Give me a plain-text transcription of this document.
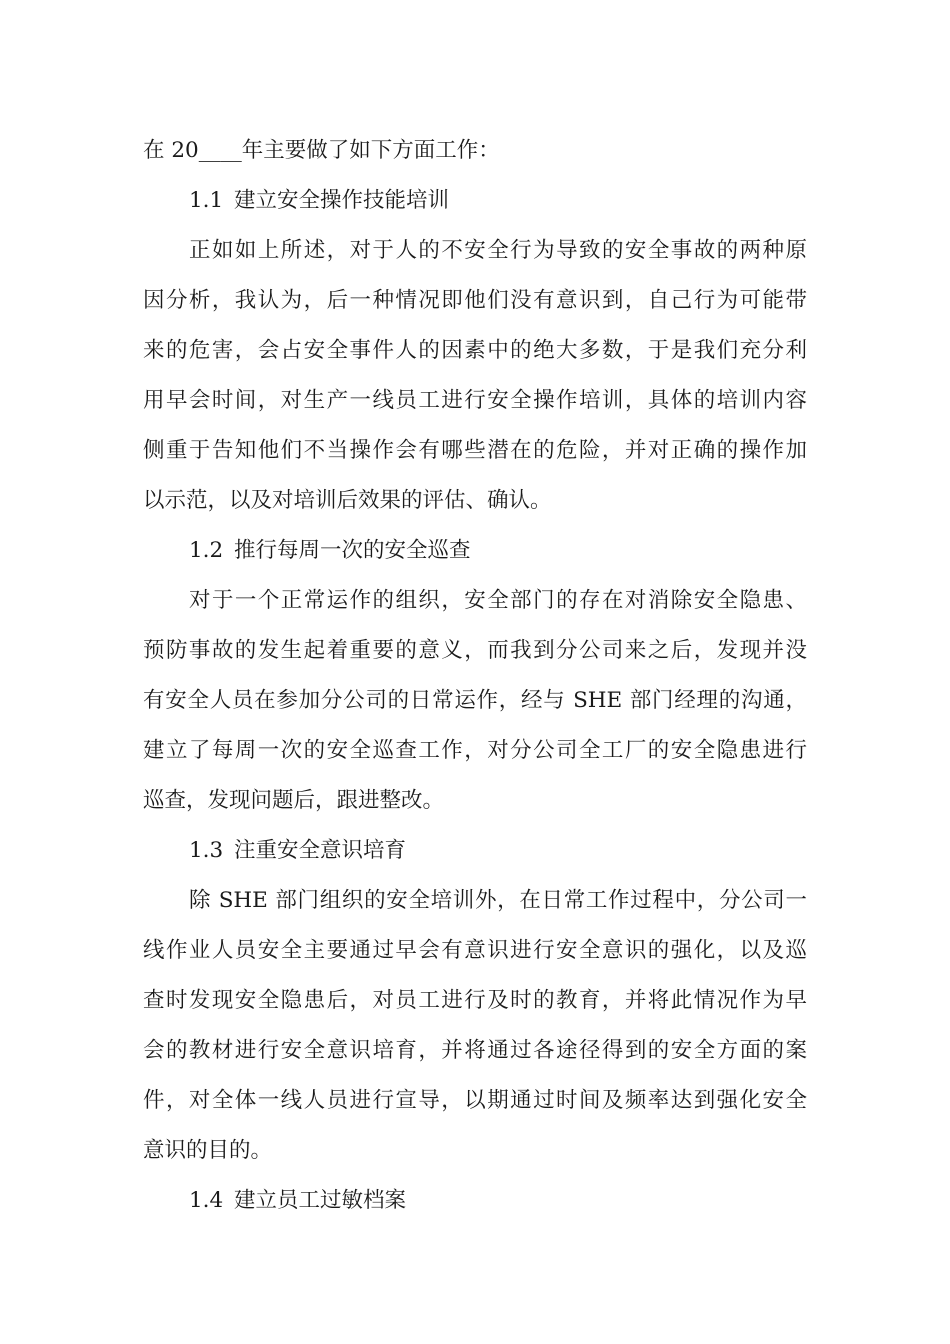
在 20____年主要做了如下方面工作：
1.1 建立安全操作技能培训
正如如上所述，对于人的不安全行为导致的安全事故的两种原
因分析，我认为，后一种情况即他们没有意识到，自己行为可能带
来的危害，会占安全事件人的因素中的绝大多数，于是我们充分利
用早会时间，对生产一线员工进行安全操作培训，具体的培训内容
侧重于告知他们不当操作会有哪些潜在的危险，并对正确的操作加
以示范，以及对培训后效果的评估、确认。
1.2 推行每周一次的安全巡查
对于一个正常运作的组织，安全部门的存在对消除安全隐患、
预防事故的发生起着重要的意义，而我到分公司来之后，发现并没
有安全人员在参加分公司的日常运作，经与 SHE 部门经理的沟通，
建立了每周一次的安全巡查工作，对分公司全工厂的安全隐患进行
巡查，发现问题后，跟进整改。
1.3 注重安全意识培育
除 SHE 部门组织的安全培训外，在日常工作过程中，分公司一
线作业人员安全主要通过早会有意识进行安全意识的强化，以及巡
查时发现安全隐患后，对员工进行及时的教育，并将此情况作为早
会的教材进行安全意识培育，并将通过各途径得到的安全方面的案
件，对全体一线人员进行宣导，以期通过时间及频率达到强化安全
意识的目的。
1.4 建立员工过敏档案
